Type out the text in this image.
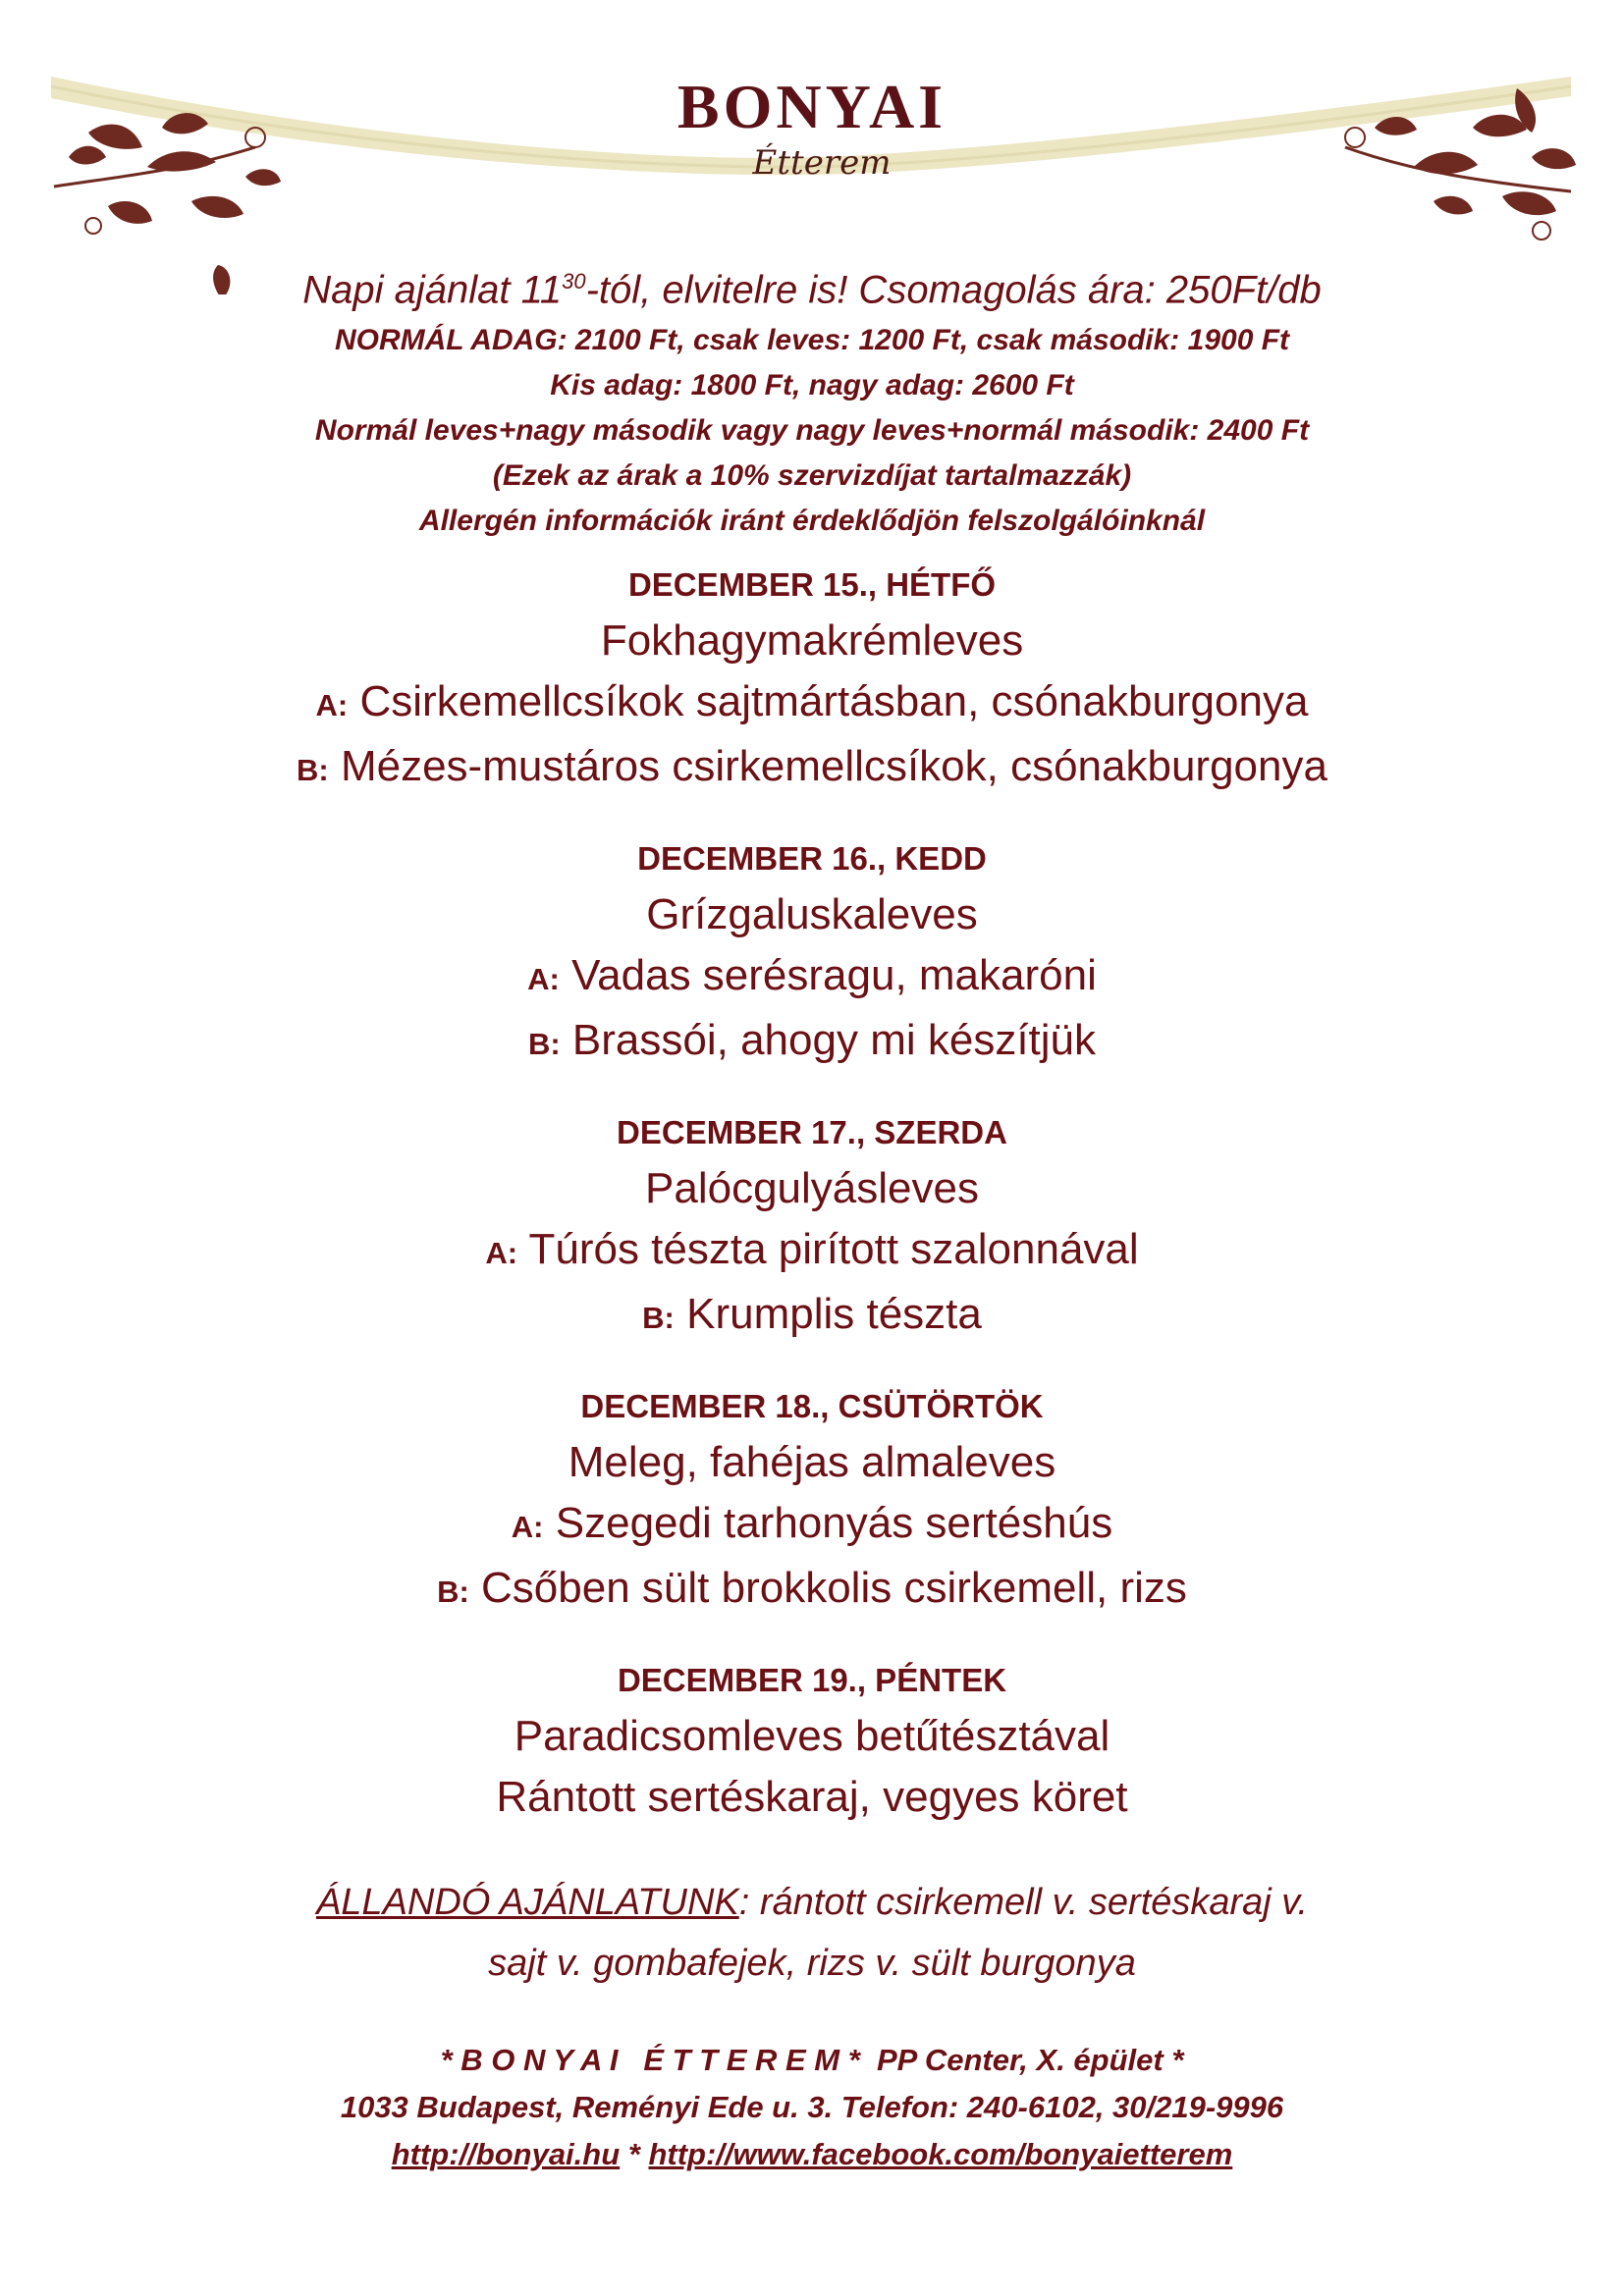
BONYAI
Étterem
Napi ajánlat $11^{30}$-tól, elvitelre is! Csomagolás ára: 250Ft/db
NORMÁL ADAG: 2100 Ft, csak leves: 1200 Ft, csak második: 1900 Ft
Kis adag: 1800 Ft, nagy adag: 2600 Ft
Normál leves+nagy második vagy nagy leves+normál második: 2400 Ft
(Ezek az árak a 10% szervizdíjat tartalmazzák)
Allergén információk iránt érdeklődjön felszolgálóinknál
DECEMBER 15., HÉTFŐ
Fokhagymakrémleves
A: Csirkemellcsíkok sajtmártásban, csónakburgonya
B: Mézes-mustáros csirkemellcsíkok, csónakburgonya
DECEMBER 16., KEDD
Grízgaluskaleves
A: Vadas serésragu, makaróni
B: Brassói, ahogy mi készítjük
DECEMBER 17., SZERDA
Palócgulyásleves
A: Túrós tészta pirított szalonnával
B: Krumplis tészta
DECEMBER 18., CSÜTÖRTÖK
Meleg, fahéjas almaleves
A: Szegedi tarhonyás sertéshús
B: Csőben sült brokkolis csirkemell, rizs
DECEMBER 19., PÉNTEK
Paradicsomleves betűtésztával
Rántott sertéskaraj, vegyes köret
ÁLLANDÓ AJÁNLATUNK: rántott csirkemell v. sertéskaraj v.
sajt v. gombafejek, rizs v. sült burgonya
* B O N Y A I   É T T E R E M *  PP Center, X. épület *
1033 Budapest, Reményi Ede u. 3. Telefon: 240-6102, 30/219-9996
http://bonyai.hu * http://www.facebook.com/bonyaietterem
